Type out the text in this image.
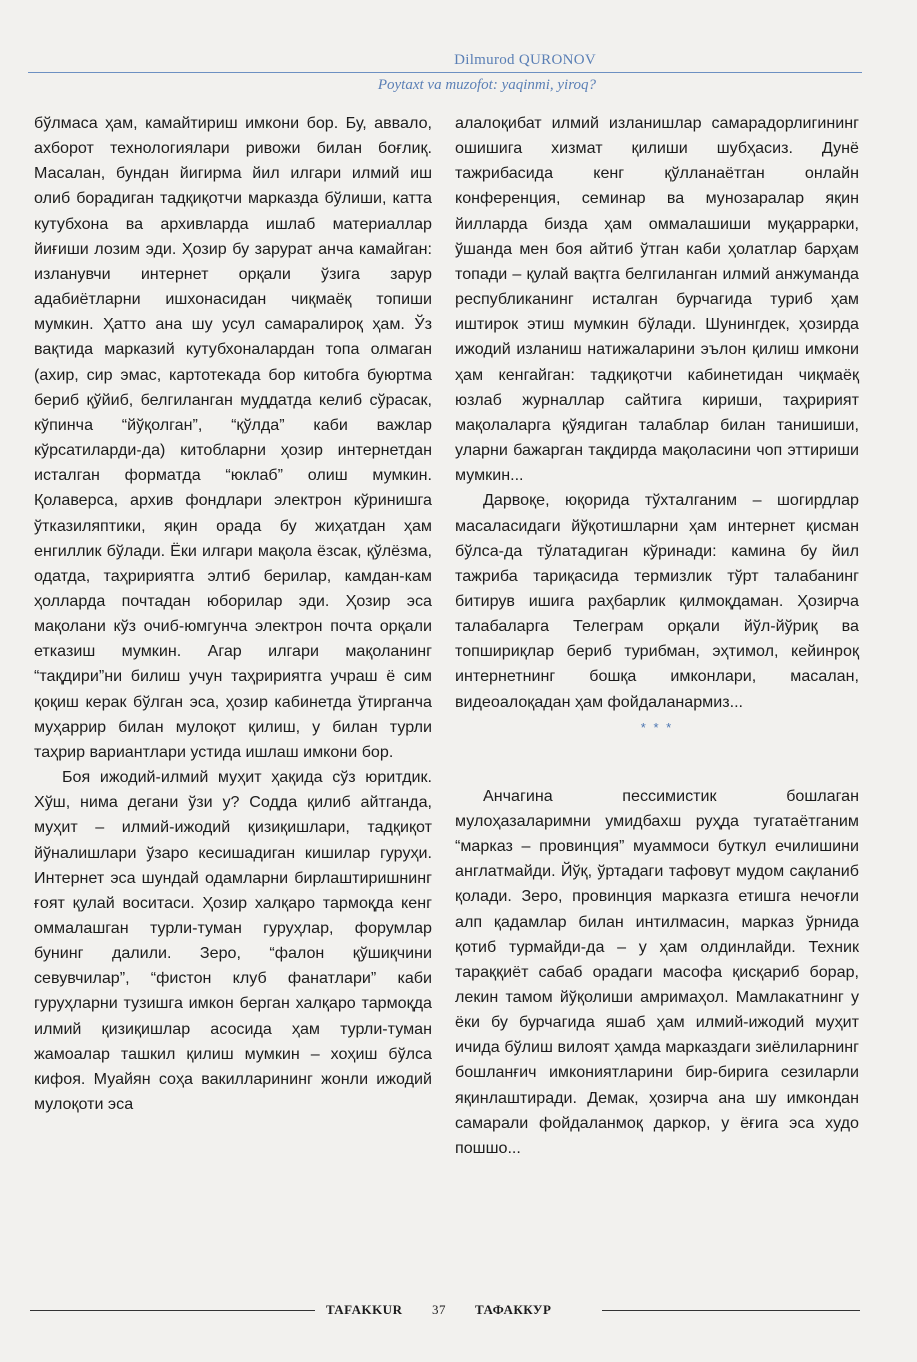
Dilmurod QURONOV
Poytaxt va muzofot: yaqinmi, yiroq?

бўлмаса ҳам, камайтириш имкони бор. Бу, аввало, ахборот технологиялари ривожи билан боғлиқ. Масалан, бундан йигирма йил илгари илмий иш олиб борадиган тадқиқотчи марказда бўлиши, катта кутубхона ва архивларда ишлаб материаллар йиғиши лозим эди. Ҳозир бу зарурат анча камайган: изланувчи интернет орқали ўзига зарур адабиётларни ишхонасидан чиқмаёқ топиши мумкин. Ҳатто ана шу усул самаралироқ ҳам. Ўз вақтида марказий кутубхоналардан топа олмаган (ахир, сир эмас, картотекада бор китобга буюртма бериб қўйиб, белгиланган муддатда келиб сўрасак, кўпинча “йўқолган”, “қўлда” каби важлар кўрсатиларди-да) китобларни ҳозир интернетдан исталган форматда “юклаб” олиш мумкин. Қолаверса, архив фондлари электрон кўринишга ўтказиляптики, яқин орада бу жиҳатдан ҳам енгиллик бўлади. Ёки илгари мақола ёзсак, қўлёзма, одатда, таҳририятга элтиб берилар, камдан-кам ҳолларда почтадан юборилар эди. Ҳозир эса мақолани кўз очиб-юмгунча электрон почта орқали етказиш мумкин. Агар илгари мақоланинг “тақдири”ни билиш учун таҳририятга учраш ё сим қоқиш керак бўлган эса, ҳозир кабинетда ўтирганча муҳаррир билан мулоқот қилиш, у билан турли таҳрир вариантлари устида ишлаш имкони бор.

Боя ижодий-илмий муҳит ҳақида сўз юритдик. Хўш, нима дегани ўзи у? Содда қилиб айтганда, муҳит – илмий-ижодий қизиқишлари, тадқиқот йўналишлари ўзаро кесишадиган кишилар гуруҳи. Интернет эса шундай одамларни бирлаштиришнинг ғоят қулай воситаси. Ҳозир халқаро тармоқда кенг оммалашган турли-туман гуруҳлар, форумлар бунинг далили. Зеро, “фалон қўшиқчини севувчилар”, “фистон клуб фанатлари” каби гуруҳларни тузишга имкон берган халқаро тармоқда илмий қизиқишлар асосида ҳам турли-туман жамоалар ташкил қилиш мумкин – хоҳиш бўлса кифоя. Муайян соҳа вакилларининг жонли ижодий мулоқоти эса

алалоқибат илмий изланишлар самарадорлигининг ошишига хизмат қилиши шубҳасиз. Дунё тажрибасида кенг қўлланаётган онлайн конференция, семинар ва мунозаралар яқин йилларда бизда ҳам оммалашиши муқаррарки, ўшанда мен боя айтиб ўтган каби ҳолатлар барҳам топади – қулай вақтга белгиланган илмий анжуманда республиканинг исталган бурчагида туриб ҳам иштирок этиш мумкин бўлади. Шунингдек, ҳозирда ижодий изланиш натижаларини эълон қилиш имкони ҳам кенгайган: тадқиқотчи кабинетидан чиқмаёқ юзлаб журналлар сайтига кириши, таҳририят мақолаларга қўядиган талаблар билан танишиши, уларни бажарган тақдирда мақоласини чоп эттириши мумкин...

Дарвоқе, юқорида тўхталганим – шогирдлар масаласидаги йўқотишларни ҳам интернет қисман бўлса-да тўлатадиган кўринади: камина бу йил тажриба тариқасида термизлик тўрт талабанинг битирув ишига раҳбарлик қилмоқдаман. Ҳозирча талабаларга Телеграм орқали йўл-йўриқ ва топшириқлар бериб турибман, эҳтимол, кейинроқ интернетнинг бошқа имконлари, масалан, видеоалоқадан ҳам фойдаланармиз...

* * *

Анчагина пессимистик бошлаган мулоҳазаларимни умидбахш руҳда тугатаётганим “марказ – провинция” муаммоси буткул ечилишини англатмайди. Йўқ, ўртадаги тафовут мудом сақланиб қолади. Зеро, провинция марказга етишга нечоғли алп қадамлар билан интилмасин, марказ ўрнида қотиб турмайди-да – у ҳам олдинлайди. Техник тараққиёт сабаб орадаги масофа қисқариб борар, лекин тамом йўқолиши амримаҳол. Мамлакатнинг у ёки бу бурчагида яшаб ҳам илмий-ижодий муҳит ичида бўлиш вилоят ҳамда марказдаги зиёлиларнинг бошланғич имкониятларини бир-бирига сезиларли яқинлаштиради. Демак, ҳозирча ана шу имкондан самарали фойдаланмоқ даркор, у ёғига эса худо пошшо...

TAFAKKUR 37 ТАФАККУР
